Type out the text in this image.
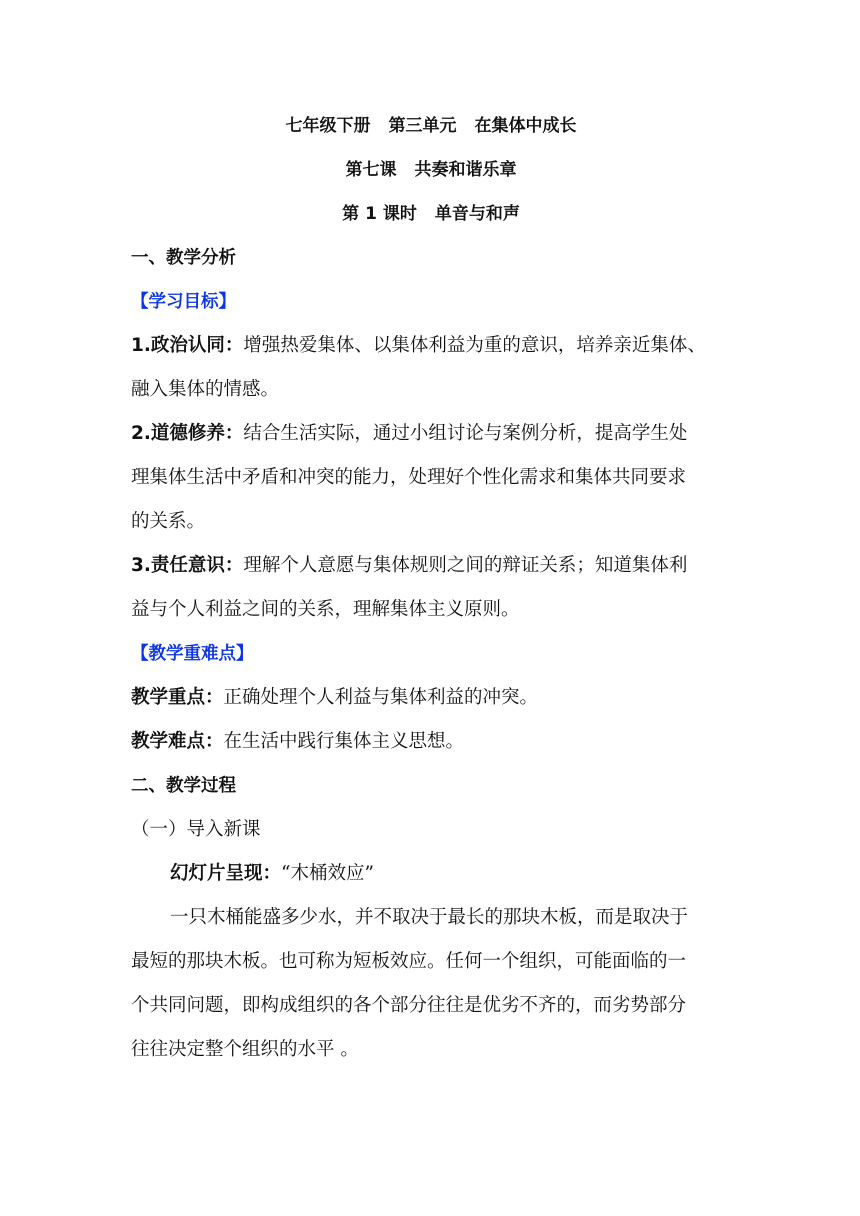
七年级下册 第三单元 在集体中成长
第七课 共奏和谐乐章
第 1 课时 单音与和声
一、教学分析
【学习目标】
1.政治认同：增强热爱集体、以集体利益为重的意识，培养亲近集体、
融入集体的情感。
2.道德修养：结合生活实际，通过小组讨论与案例分析，提高学生处
理集体生活中矛盾和冲突的能力，处理好个性化需求和集体共同要求
的关系。
3.责任意识：理解个人意愿与集体规则之间的辩证关系；知道集体利
益与个人利益之间的关系，理解集体主义原则。
【教学重难点】
教学重点：正确处理个人利益与集体利益的冲突。
教学难点：在生活中践行集体主义思想。
二、教学过程
（一）导入新课
幻灯片呈现：“木桶效应”
一只木桶能盛多少水，并不取决于最长的那块木板，而是取决于
最短的那块木板。也可称为短板效应。任何一个组织，可能面临的一
个共同问题，即构成组织的各个部分往往是优劣不齐的，而劣势部分
往往决定整个组织的水平 。
